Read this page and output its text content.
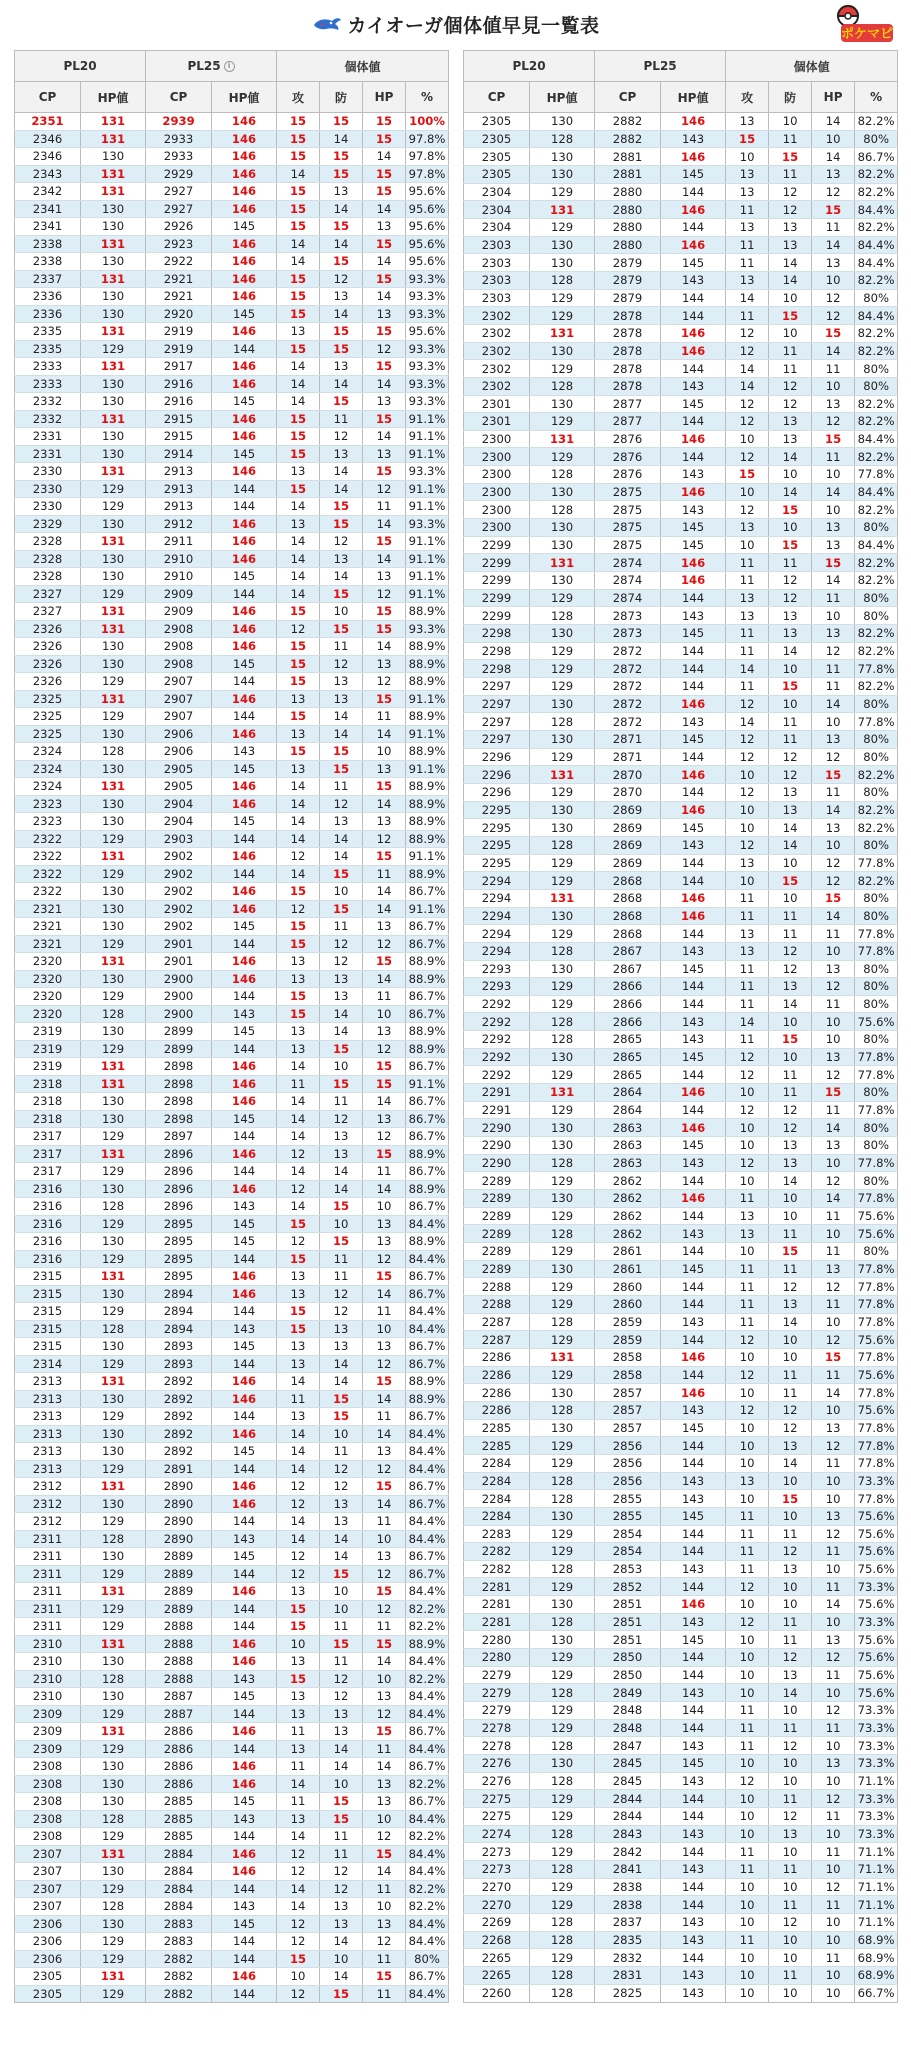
カイオーガ個体値早見一覧表	ポケマピ
PL20		PL25 i		個体値			
CP	HP値	CP	HP値	攻	防	HP	%
2351	131	2939	146	15	15	15	100%
2346	131	2933	146	15	14	15	97.8%
2346	130	2933	146	15	15	14	97.8%
2343	131	2929	146	14	15	15	97.8%
2342	131	2927	146	15	13	15	95.6%
2341	130	2927	146	15	14	14	95.6%
2341	130	2926	145	15	15	13	95.6%
2338	131	2923	146	14	14	15	95.6%
2338	130	2922	146	14	15	14	95.6%
2337	131	2921	146	15	12	15	93.3%
2336	130	2921	146	15	13	14	93.3%
2336	130	2920	145	15	14	13	93.3%
2335	131	2919	146	13	15	15	95.6%
2335	129	2919	144	15	15	12	93.3%
2333	131	2917	146	14	13	15	93.3%
2333	130	2916	146	14	14	14	93.3%
2332	130	2916	145	14	15	13	93.3%
2332	131	2915	146	15	11	15	91.1%
2331	130	2915	146	15	12	14	91.1%
2331	130	2914	145	15	13	13	91.1%
2330	131	2913	146	13	14	15	93.3%
2330	129	2913	144	15	14	12	91.1%
2330	129	2913	144	14	15	11	91.1%
2329	130	2912	146	13	15	14	93.3%
2328	131	2911	146	14	12	15	91.1%
2328	130	2910	146	14	13	14	91.1%
2328	130	2910	145	14	14	13	91.1%
2327	129	2909	144	14	15	12	91.1%
2327	131	2909	146	15	10	15	88.9%
2326	131	2908	146	12	15	15	93.3%
2326	130	2908	146	15	11	14	88.9%
2326	130	2908	145	15	12	13	88.9%
2326	129	2907	144	15	13	12	88.9%
2325	131	2907	146	13	13	15	91.1%
2325	129	2907	144	15	14	11	88.9%
2325	130	2906	146	13	14	14	91.1%
2324	128	2906	143	15	15	10	88.9%
2324	130	2905	145	13	15	13	91.1%
2324	131	2905	146	14	11	15	88.9%
2323	130	2904	146	14	12	14	88.9%
2323	130	2904	145	14	13	13	88.9%
2322	129	2903	144	14	14	12	88.9%
2322	131	2902	146	12	14	15	91.1%
2322	129	2902	144	14	15	11	88.9%
2322	130	2902	146	15	10	14	86.7%
2321	130	2902	146	12	15	14	91.1%
2321	130	2902	145	15	11	13	86.7%
2321	129	2901	144	15	12	12	86.7%
2320	131	2901	146	13	12	15	88.9%
2320	130	2900	146	13	13	14	88.9%
2320	129	2900	144	15	13	11	86.7%
2320	128	2900	143	15	14	10	86.7%
2319	130	2899	145	13	14	13	88.9%
2319	129	2899	144	13	15	12	88.9%
2319	131	2898	146	14	10	15	86.7%
2318	131	2898	146	11	15	15	91.1%
2318	130	2898	146	14	11	14	86.7%
2318	130	2898	145	14	12	13	86.7%
2317	129	2897	144	14	13	12	86.7%
2317	131	2896	146	12	13	15	88.9%
2317	129	2896	144	14	14	11	86.7%
2316	130	2896	146	12	14	14	88.9%
2316	128	2896	143	14	15	10	86.7%
2316	129	2895	145	15	10	13	84.4%
2316	130	2895	145	12	15	13	88.9%
2316	129	2895	144	15	11	12	84.4%
2315	131	2895	146	13	11	15	86.7%
2315	130	2894	146	13	12	14	86.7%
2315	129	2894	144	15	12	11	84.4%
2315	128	2894	143	15	13	10	84.4%
2315	130	2893	145	13	13	13	86.7%
2314	129	2893	144	13	14	12	86.7%
2313	131	2892	146	14	14	15	88.9%
2313	130	2892	146	11	15	14	88.9%
2313	129	2892	144	13	15	11	86.7%
2313	130	2892	146	14	10	14	84.4%
2313	130	2892	145	14	11	13	84.4%
2313	129	2891	144	14	12	12	84.4%
2312	131	2890	146	12	12	15	86.7%
2312	130	2890	146	12	13	14	86.7%
2312	129	2890	144	14	13	11	84.4%
2311	128	2890	143	14	14	10	84.4%
2311	130	2889	145	12	14	13	86.7%
2311	129	2889	144	12	15	12	86.7%
2311	131	2889	146	13	10	15	84.4%
2311	129	2889	144	15	10	12	82.2%
2311	129	2888	144	15	11	11	82.2%
2310	131	2888	146	10	15	15	88.9%
2310	130	2888	146	13	11	14	84.4%
2310	128	2888	143	15	12	10	82.2%
2310	130	2887	145	13	12	13	84.4%
2309	129	2887	144	13	13	12	84.4%
2309	131	2886	146	11	13	15	86.7%
2309	129	2886	144	13	14	11	84.4%
2308	130	2886	146	11	14	14	86.7%
2308	130	2886	146	14	10	13	82.2%
2308	130	2885	145	11	15	13	86.7%
2308	128	2885	143	13	15	10	84.4%
2308	129	2885	144	14	11	12	82.2%
2307	131	2884	146	12	11	15	84.4%
2307	130	2884	146	12	12	14	84.4%
2307	129	2884	144	14	12	11	82.2%
2307	128	2884	143	14	13	10	82.2%
2306	130	2883	145	12	13	13	84.4%
2306	129	2883	144	12	14	12	84.4%
2306	129	2882	144	15	10	11	80%
2305	131	2882	146	10	14	15	86.7%
2305	129	2882	144	12	15	11	84.4%
PL20		PL25		個体値			
CP	HP値	CP	HP値	攻	防	HP	%
2305	130	2882	146	13	10	14	82.2%
2305	128	2882	143	15	11	10	80%
2305	130	2881	146	10	15	14	86.7%
2305	130	2881	145	13	11	13	82.2%
2304	129	2880	144	13	12	12	82.2%
2304	131	2880	146	11	12	15	84.4%
2304	129	2880	144	13	13	11	82.2%
2303	130	2880	146	11	13	14	84.4%
2303	130	2879	145	11	14	13	84.4%
2303	128	2879	143	13	14	10	82.2%
2303	129	2879	144	14	10	12	80%
2302	129	2878	144	11	15	12	84.4%
2302	131	2878	146	12	10	15	82.2%
2302	130	2878	146	12	11	14	82.2%
2302	129	2878	144	14	11	11	80%
2302	128	2878	143	14	12	10	80%
2301	130	2877	145	12	12	13	82.2%
2301	129	2877	144	12	13	12	82.2%
2300	131	2876	146	10	13	15	84.4%
2300	129	2876	144	12	14	11	82.2%
2300	128	2876	143	15	10	10	77.8%
2300	130	2875	146	10	14	14	84.4%
2300	128	2875	143	12	15	10	82.2%
2300	130	2875	145	13	10	13	80%
2299	130	2875	145	10	15	13	84.4%
2299	131	2874	146	11	11	15	82.2%
2299	130	2874	146	11	12	14	82.2%
2299	129	2874	144	13	12	11	80%
2299	128	2873	143	13	13	10	80%
2298	130	2873	145	11	13	13	82.2%
2298	129	2872	144	11	14	12	82.2%
2298	129	2872	144	14	10	11	77.8%
2297	129	2872	144	11	15	11	82.2%
2297	130	2872	146	12	10	14	80%
2297	128	2872	143	14	11	10	77.8%
2297	130	2871	145	12	11	13	80%
2296	129	2871	144	12	12	12	80%
2296	131	2870	146	10	12	15	82.2%
2296	129	2870	144	12	13	11	80%
2295	130	2869	146	10	13	14	82.2%
2295	130	2869	145	10	14	13	82.2%
2295	128	2869	143	12	14	10	80%
2295	129	2869	144	13	10	12	77.8%
2294	129	2868	144	10	15	12	82.2%
2294	131	2868	146	11	10	15	80%
2294	130	2868	146	11	11	14	80%
2294	129	2868	144	13	11	11	77.8%
2294	128	2867	143	13	12	10	77.8%
2293	130	2867	145	11	12	13	80%
2293	129	2866	144	11	13	12	80%
2292	129	2866	144	11	14	11	80%
2292	128	2866	143	14	10	10	75.6%
2292	128	2865	143	11	15	10	80%
2292	130	2865	145	12	10	13	77.8%
2292	129	2865	144	12	11	12	77.8%
2291	131	2864	146	10	11	15	80%
2291	129	2864	144	12	12	11	77.8%
2290	130	2863	146	10	12	14	80%
2290	130	2863	145	10	13	13	80%
2290	128	2863	143	12	13	10	77.8%
2289	129	2862	144	10	14	12	80%
2289	130	2862	146	11	10	14	77.8%
2289	129	2862	144	13	10	11	75.6%
2289	128	2862	143	13	11	10	75.6%
2289	129	2861	144	10	15	11	80%
2289	130	2861	145	11	11	13	77.8%
2288	129	2860	144	11	12	12	77.8%
2288	129	2860	144	11	13	11	77.8%
2287	128	2859	143	11	14	10	77.8%
2287	129	2859	144	12	10	12	75.6%
2286	131	2858	146	10	10	15	77.8%
2286	129	2858	144	12	11	11	75.6%
2286	130	2857	146	10	11	14	77.8%
2286	128	2857	143	12	12	10	75.6%
2285	130	2857	145	10	12	13	77.8%
2285	129	2856	144	10	13	12	77.8%
2284	129	2856	144	10	14	11	77.8%
2284	128	2856	143	13	10	10	73.3%
2284	128	2855	143	10	15	10	77.8%
2284	130	2855	145	11	10	13	75.6%
2283	129	2854	144	11	11	12	75.6%
2282	129	2854	144	11	12	11	75.6%
2282	128	2853	143	11	13	10	75.6%
2281	129	2852	144	12	10	11	73.3%
2281	130	2851	146	10	10	14	75.6%
2281	128	2851	143	12	11	10	73.3%
2280	130	2851	145	10	11	13	75.6%
2280	129	2850	144	10	12	12	75.6%
2279	129	2850	144	10	13	11	75.6%
2279	128	2849	143	10	14	10	75.6%
2279	129	2848	144	11	10	12	73.3%
2278	129	2848	144	11	11	11	73.3%
2278	128	2847	143	11	12	10	73.3%
2276	130	2845	145	10	10	13	73.3%
2276	128	2845	143	12	10	10	71.1%
2275	129	2844	144	10	11	12	73.3%
2275	129	2844	144	10	12	11	73.3%
2274	128	2843	143	10	13	10	73.3%
2273	129	2842	144	11	10	11	71.1%
2273	128	2841	143	11	11	10	71.1%
2270	129	2838	144	10	10	12	71.1%
2270	129	2838	144	10	11	11	71.1%
2269	128	2837	143	10	12	10	71.1%
2268	128	2835	143	11	10	10	68.9%
2265	129	2832	144	10	10	11	68.9%
2265	128	2831	143	10	11	10	68.9%
2260	128	2825	143	10	10	10	66.7%
